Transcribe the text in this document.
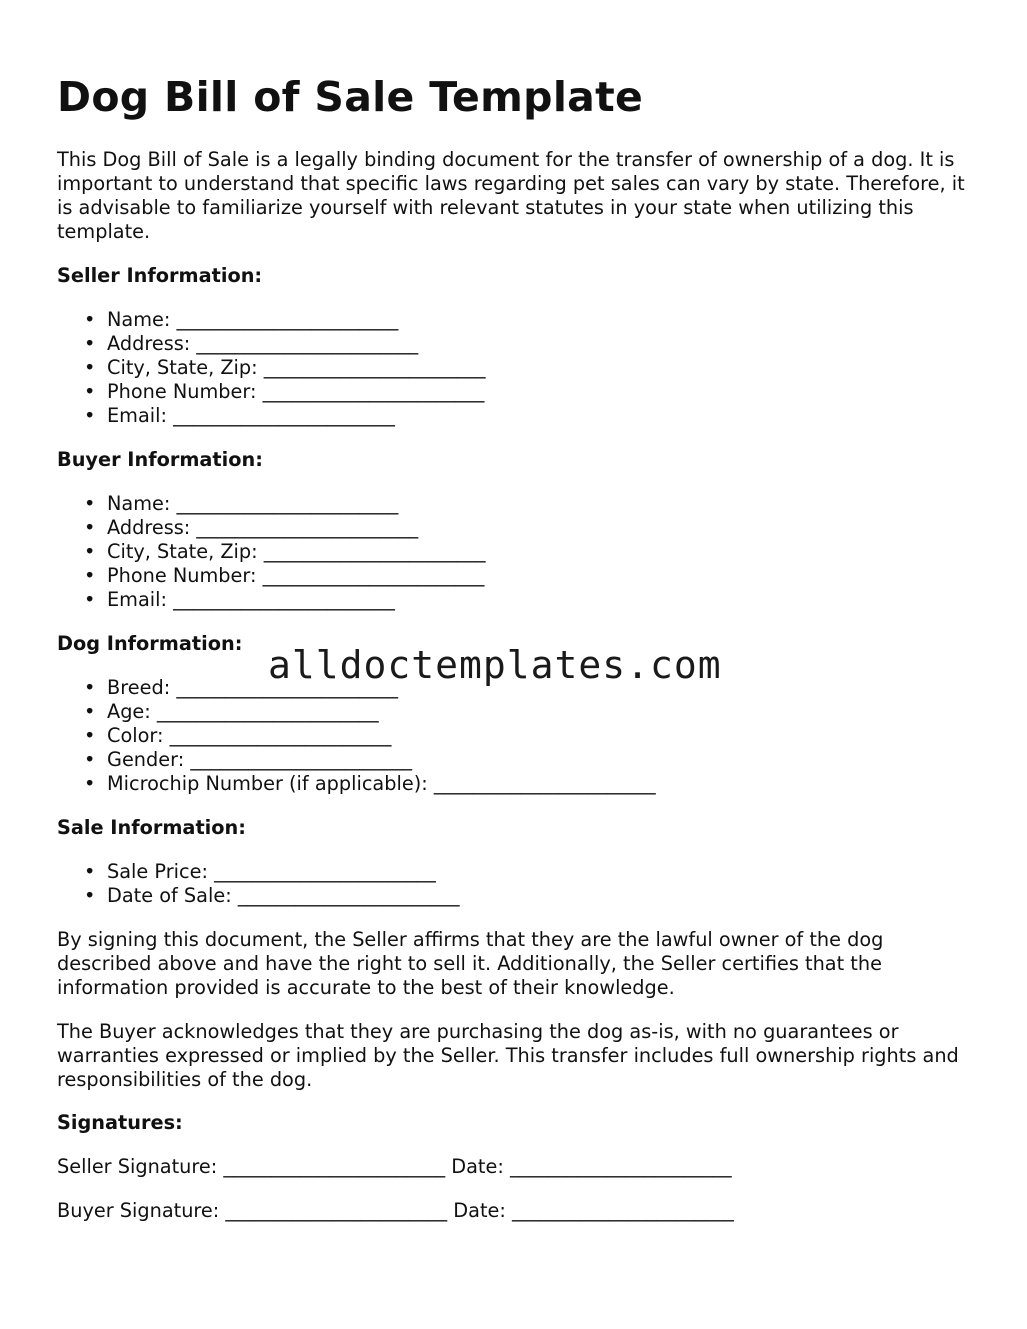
Dog Bill of Sale Template

This Dog Bill of Sale is a legally binding document for the transfer of ownership of a dog. It is important to understand that specific laws regarding pet sales can vary by state. Therefore, it is advisable to familiarize yourself with relevant statutes in your state when utilizing this template.

Seller Information:
• Name: _______________________
• Address: _______________________
• City, State, Zip: _______________________
• Phone Number: _______________________
• Email: _______________________
Buyer Information:
• Name: _______________________
• Address: _______________________
• City, State, Zip: _______________________
• Phone Number: _______________________
• Email: _______________________
Dog Information:
• Breed: _______________________
• Age: _______________________
• Color: _______________________
• Gender: _______________________
• Microchip Number (if applicable): _______________________
Sale Information:
• Sale Price: _______________________
• Date of Sale: _______________________

By signing this document, the Seller affirms that they are the lawful owner of the dog described above and have the right to sell it. Additionally, the Seller certifies that the information provided is accurate to the best of their knowledge.

The Buyer acknowledges that they are purchasing the dog as-is, with no guarantees or warranties expressed or implied by the Seller. This transfer includes full ownership rights and responsibilities of the dog.

Signatures:
Seller Signature: _______________________ Date: _______________________
Buyer Signature: _______________________ Date: _______________________
alldoctemplates.com
